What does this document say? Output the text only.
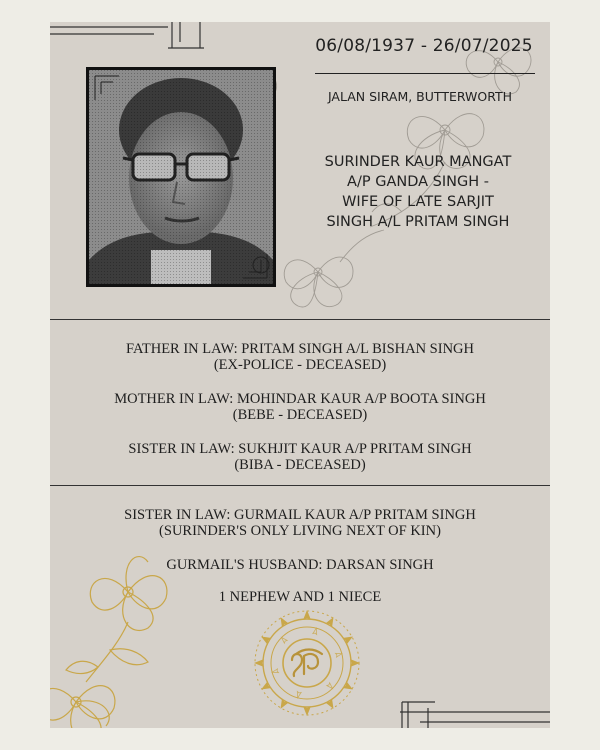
06/08/1937 - 26/07/2025
JALAN SIRAM, BUTTERWORTH
SURINDER KAUR MANGAT
A/P GANDA SINGH -
WIFE OF LATE SARJIT
SINGH A/L PRITAM SINGH
FATHER IN LAW: PRITAM SINGH A/L BISHAN SINGH
(EX-POLICE - DECEASED)
MOTHER IN LAW: MOHINDAR KAUR A/P BOOTA SINGH
(BEBE - DECEASED)
SISTER IN LAW: SUKHJIT KAUR A/P PRITAM SINGH
(BIBA - DECEASED)
SISTER IN LAW: GURMAIL KAUR A/P PRITAM SINGH
(SURINDER'S ONLY LIVING NEXT OF KIN)
GURMAIL'S HUSBAND: DARSAN SINGH
1 NEPHEW AND 1 NIECE
